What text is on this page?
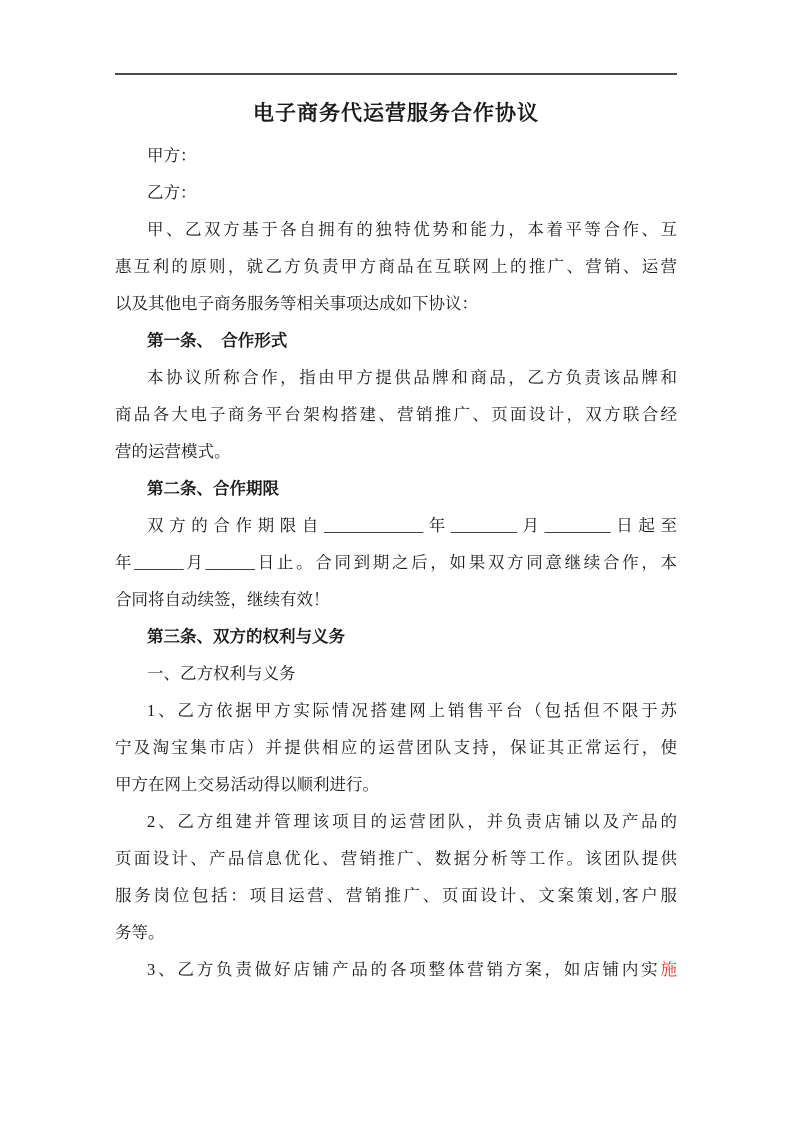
电子商务代运营服务合作协议
甲方：
乙方：
甲、乙双方基于各自拥有的独特优势和能力，本着平等合作、互
惠互利的原则，就乙方负责甲方商品在互联网上的推广、营销、运营
以及其他电子商务服务等相关事项达成如下协议：
第一条、　合作形式
本协议所称合作，指由甲方提供品牌和商品，乙方负责该品牌和
商品各大电子商务平台架构搭建、营销推广、页面设计，双方联合经
营的运营模式。
第二条、合作期限
双方的合作期限自____________年________月________日起至
年______月______日止。合同到期之后，如果双方同意继续合作，本
合同将自动续签，继续有效！
第三条、双方的权利与义务
一、乙方权利与义务
1、乙方依据甲方实际情况搭建网上销售平台（包括但不限于苏
宁及淘宝集市店）并提供相应的运营团队支持，保证其正常运行，使
甲方在网上交易活动得以顺利进行。
2、乙方组建并管理该项目的运营团队，并负责店铺以及产品的
页面设计、产品信息优化、营销推广、数据分析等工作。该团队提供
服务岗位包括：项目运营、营销推广、页面设计、文案策划,客户服
务等。
3、乙方负责做好店铺产品的各项整体营销方案，如店铺内实施
